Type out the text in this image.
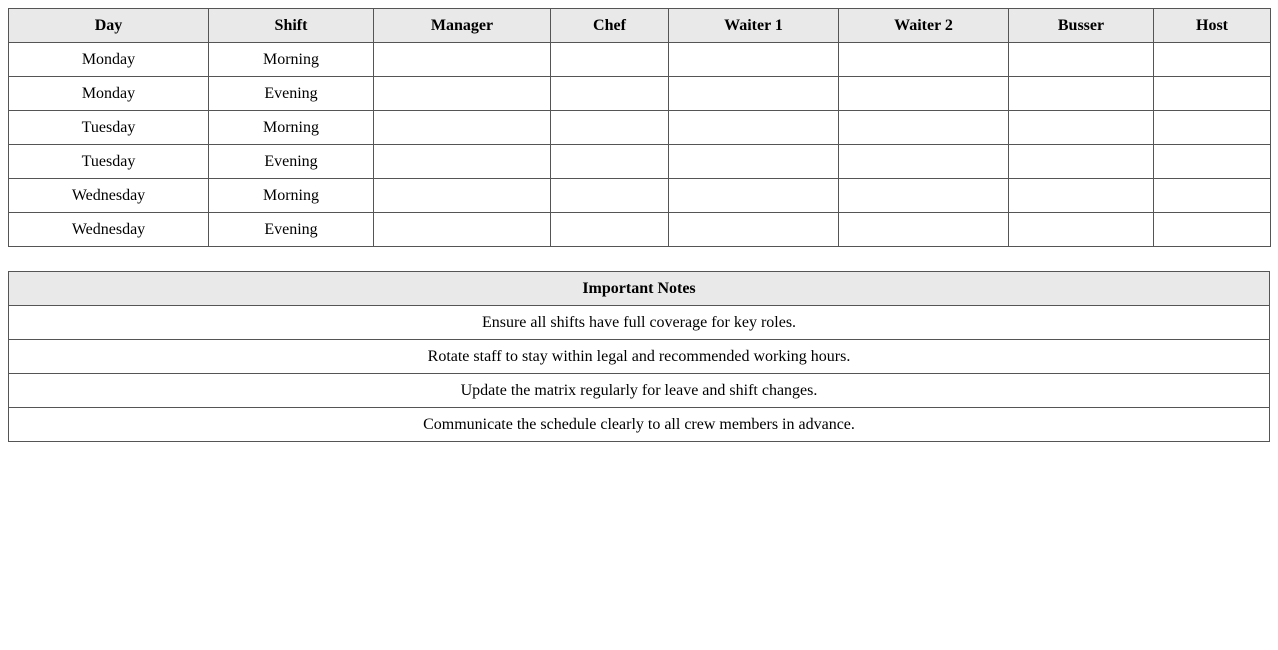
Day	Shift	Manager	Chef	Waiter 1	Waiter 2	Busser	Host
Monday	Morning						
Monday	Evening						
Tuesday	Morning						
Tuesday	Evening						
Wednesday	Morning						
Wednesday	Evening						
Important Notes
Ensure all shifts have full coverage for key roles.
Rotate staff to stay within legal and recommended working hours.
Update the matrix regularly for leave and shift changes.
Communicate the schedule clearly to all crew members in advance.
